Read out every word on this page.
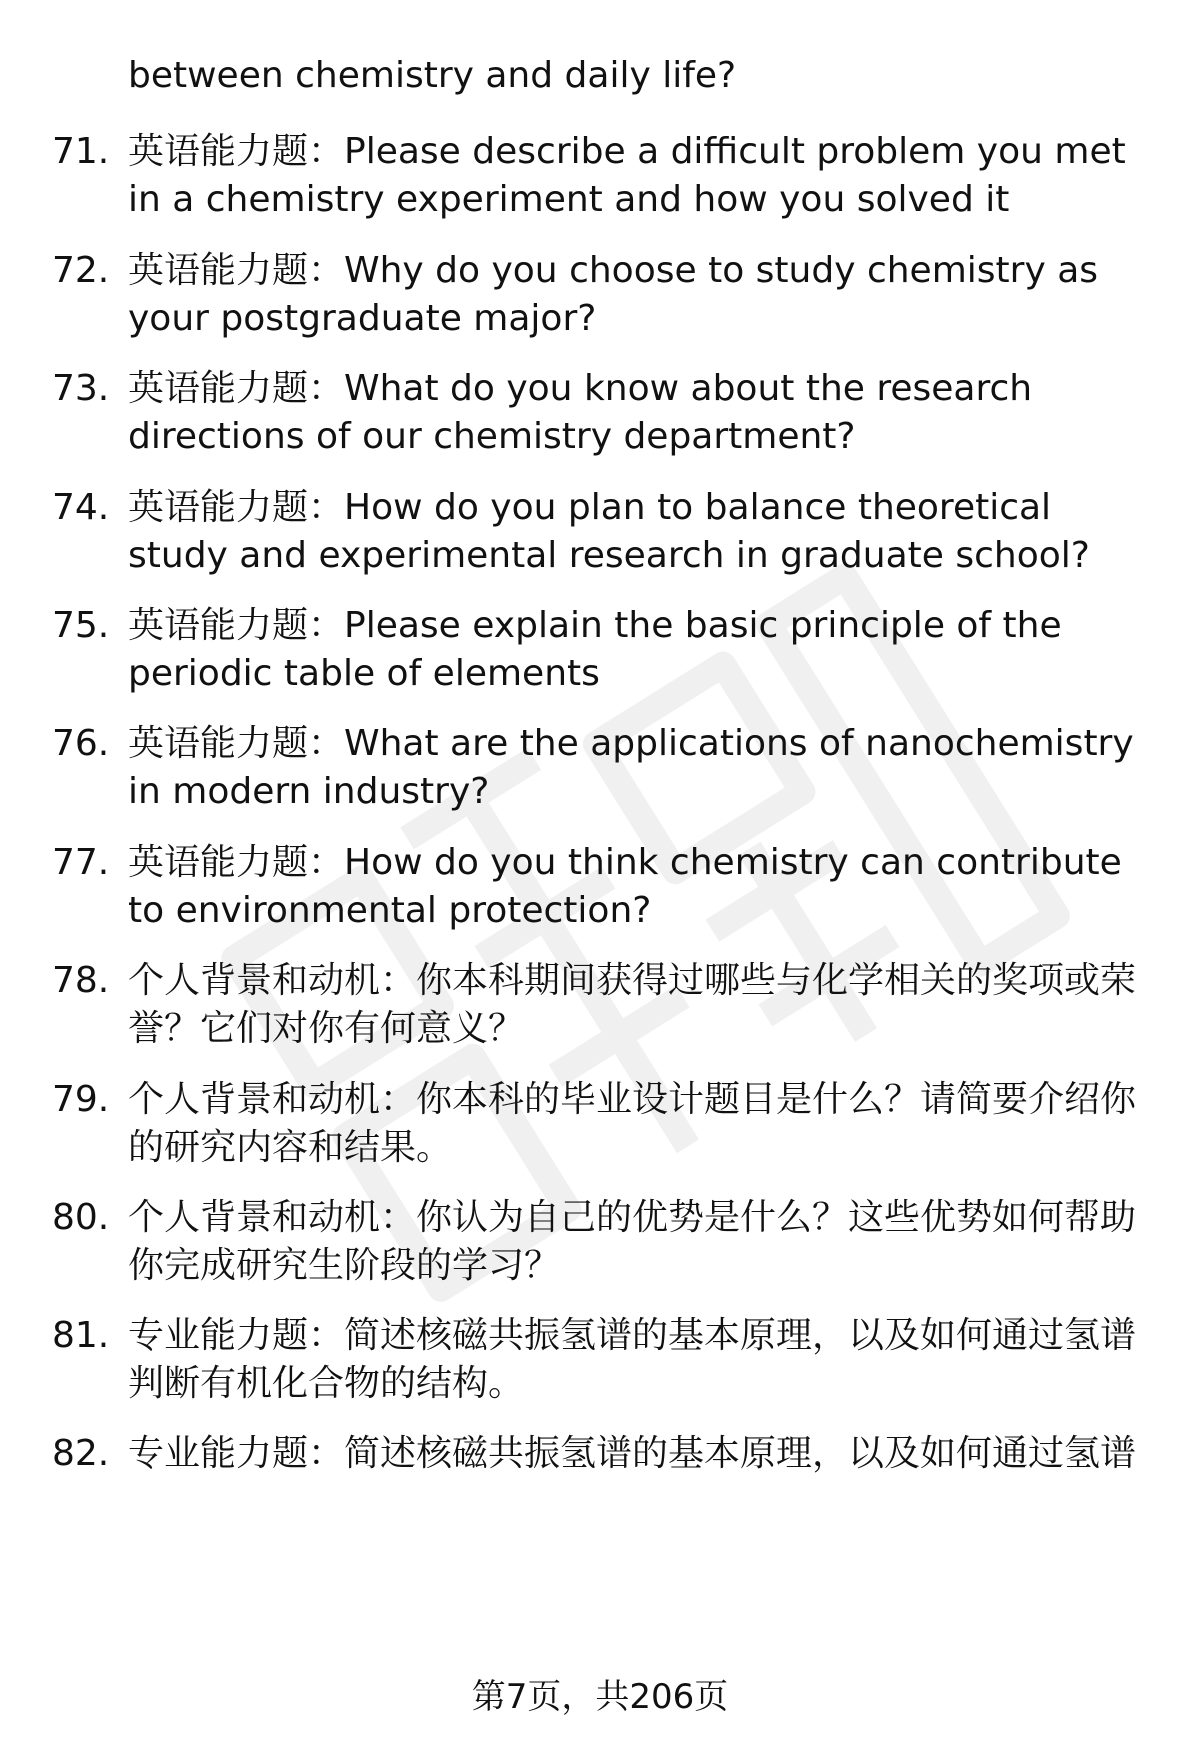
between chemistry and daily life?
71. 英语能力题：Please describe a difficult problem you met in a chemistry experiment and how you solved it
72. 英语能力题：Why do you choose to study chemistry as your postgraduate major?
73. 英语能力题：What do you know about the research directions of our chemistry department?
74. 英语能力题：How do you plan to balance theoretical study and experimental research in graduate school?
75. 英语能力题：Please explain the basic principle of the periodic table of elements
76. 英语能力题：What are the applications of nanochemistry in modern industry?
77. 英语能力题：How do you think chemistry can contribute to environmental protection?
78. 个人背景和动机：你本科期间获得过哪些与化学相关的奖项或荣誉？它们对你有何意义？
79. 个人背景和动机：你本科的毕业设计题目是什么？请简要介绍你的研究内容和结果。
80. 个人背景和动机：你认为自己的优势是什么？这些优势如何帮助你完成研究生阶段的学习？
81. 专业能力题：简述核磁共振氢谱的基本原理，以及如何通过氢谱判断有机化合物的结构。
82. 专业能力题：简述核磁共振氢谱的基本原理，以及如何通过氢谱
第7页，共206页
